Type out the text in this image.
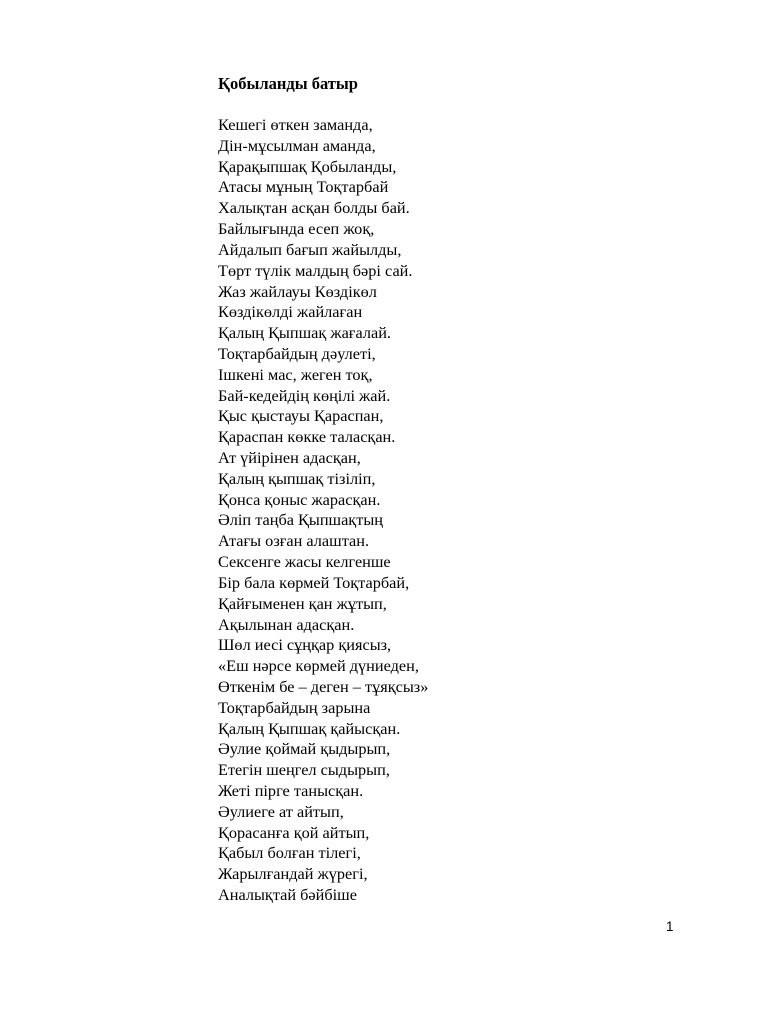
Қобыланды батыр
Кешегі өткен заманда,
Дін-мұсылман аманда,
Қарақыпшақ Қобыланды,
Атасы мұның Тоқтарбай
Халықтан асқан болды бай.
Байлығында есеп жоқ,
Айдалып бағып жайылды,
Төрт түлік малдың бәрі сай.
Жаз жайлауы Көздікөл
Көздікөлді жайлаған
Қалың Қыпшақ жағалай.
Тоқтарбайдың дәулеті,
Ішкені мас, жеген тоқ,
Бай-кедейдің көңілі жай.
Қыс қыстауы Қараспан,
Қараспан көкке таласқан.
Ат үйірінен адасқан,
Қалың қыпшақ тізіліп,
Қонса қоныс жарасқан.
Әліп таңба Қыпшақтың
Атағы озған алаштан.
Сексенге жасы келгенше
Бір бала көрмей Тоқтарбай,
Қайғыменен қан жұтып,
Ақылынан адасқан.
Шөл иесі сұңқар қиясыз,
«Еш нәрсе көрмей дүниеден,
Өткенім бе – деген – тұяқсыз»
Тоқтарбайдың зарына
Қалың Қыпшақ қайысқан.
Әулие қоймай қыдырып,
Етегін шеңгел сыдырып,
Жеті пірге танысқан.
Әулиеге ат айтып,
Қорасанға қой айтып,
Қабыл болған тілегі,
Жарылғандай жүрегі,
Аналықтай бәйбіше
1
